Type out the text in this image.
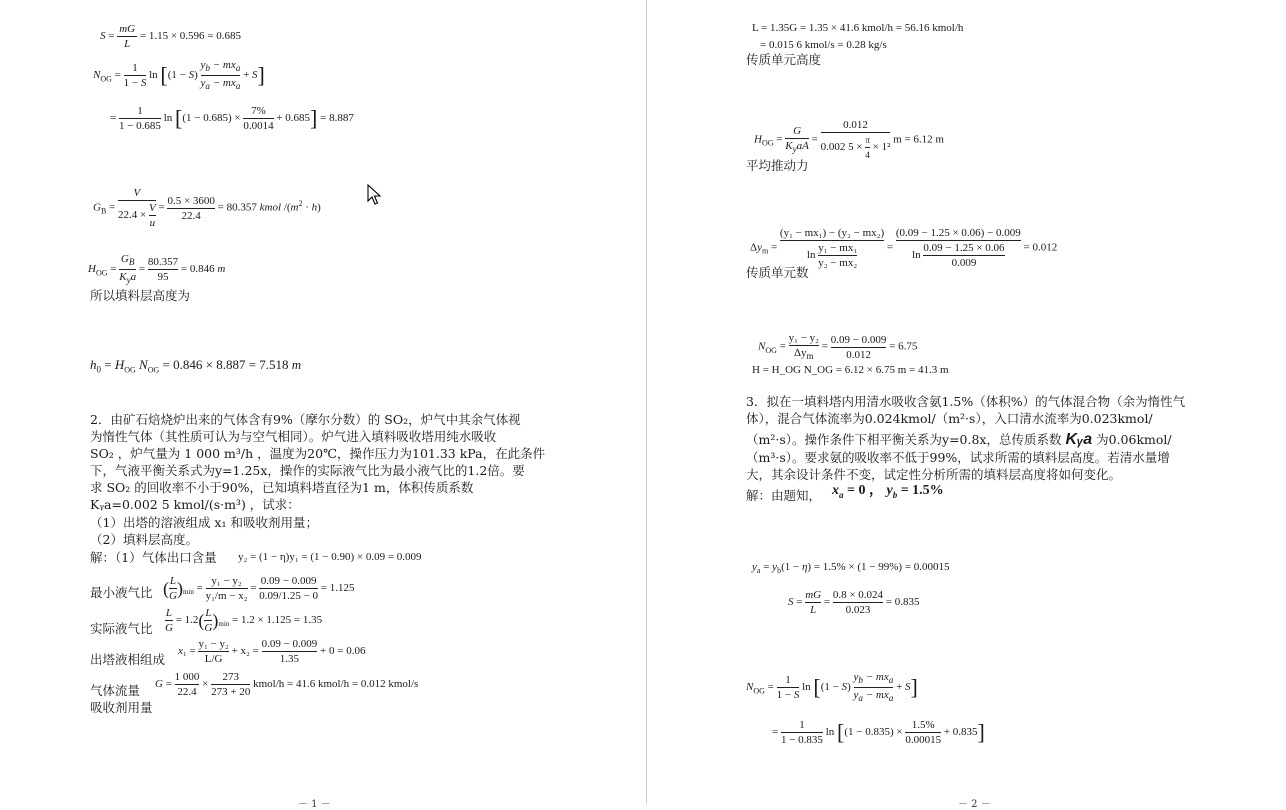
$S = \frac{mG}{L} = 1.15 \times 0.596 = 0.685$
$N_{OG} = \frac{1}{1 - S}$ ln [(1 − S)
$y_b - mx_a$
$y_a - mx_a$
+ S]
= $\frac{1}{1 - 0.685}$ $\ln [(1 - 0.685) \times \frac{7\%}{0.0014} + 0.685] = 8.887$
$G_B = \frac{V}{22.4 \times \frac{V}{u}} = \frac{0.5 \times 3600}{22.4} = 80.357$ kmol $/(m^2 \cdot h)$
$H_{OG}$ =
$G_B$
$K_ya$
= $\frac{80.357}{95} = 0.846$ m
所以填料层高度为
$h_0 = H_{OG}$ $N_{OG} = 0.846 \times 8.887 = 7.518$ m
2．由矿石焙烧炉出来的气体含有9%（摩尔分数）的 SO₂，炉气中其余气体视
为惰性气体（其性质可认为与空气相同）。炉气进入填料吸收塔用纯水吸收
SO₂ ，炉气量为 1 000 m³/h ，温度为20℃，操作压力为101.33 kPa，在此条件
下，气液平衡关系式为y=1.25x，操作的实际液气比为最小液气比的1.2倍。要
求 SO₂ 的回收率不小于90%，已知填料塔直径为1 m，体积传质系数
Kᵧa=0.002 5 kmol/(s·m³) ，试求：
（1）出塔的溶液组成 x₁ 和吸收剂用量；
（2）填料层高度。
解：（1）气体出口含量 y₂ = (1 − η)y₁ = (1 − 0.90) × 0.09 = 0.009
最小液气比 ( $\frac{L}{G} )_{min} = \frac{\text{y₁ − y₂}}{\text{y₁/m − x₂}} = \frac{0.09 - 0.009}{0.09/1.25 - 0} = 1.125$
实际液气比 $\frac{L}{G} = 1.2( \frac{L}{G} )_{min} = 1.2 \times 1.125 = 1.35$
出塔液相组成
$x_1 = \frac{\text{y₁ − y₂}}{L/G} + x_2 = \frac{0.09 - 0.009}{1.35} + 0 = 0.06$
气体流量 $G = \frac{1 000}{22.4} \times \frac{273}{273 + 20}$ kmol/h = 41.6 kmol/h = 0.012 kmol/s
吸收剂用量
－ 1 －
L = 1.35G = 1.35 × 41.6 kmol/h = 56.16 kmol/h
= 0.015 6 kmol/s = 0.28 kg/s
传质单元高度
$H_{OG}$ =
G
$K_yaA$
= $\frac{0.012}{0.002 5 \times \frac{\pi}{4} \times 1^2}$ m = 6.12 m
平均推动力
$\Delta y_m = \frac{\text{(y₁ − mx₁) − (y₂ − mx₂)}}{\ln \frac{\text{y₁ − mx₁}}{\text{y₂ − mx₂}}} = \frac{(0.09 - 1.25 \times 0.06) - 0.009}{\ln \frac{0.09 - 1.25 \times 0.06}{0.009}} = 0.012$
传质单元数
$N_{OG}$ =
y₁ − y₂
$\Delta y_m$
= $\frac{0.09 - 0.009}{0.012} = 6.75$
H = H_OG N_OG = 6.12 × 6.75 m = 41.3 m
3．拟在一填料塔内用清水吸收含氨1.5%（体积%）的气体混合物（余为惰性气
体），混合气体流率为0.024kmol/（m²·s），入口清水流率为0.023kmol/
（m²·s）。操作条件下相平衡关系为y=0.8x，总传质系数 Kᵧa 为0.06kmol/
（m³·s）。要求氨的吸收率不低于99%，试求所需的填料层高度。若清水量增
大，其余设计条件不变，试定性分析所需的填料层高度将如何变化。
解：由题知， $x_a = 0$ ， $y_b = 1.5\%$
$y_a = y_b(1 - \eta) = 1.5\% \times (1 - 99\%) = 0.00015$
$S = \frac{mG}{L} = \frac{0.8 \times 0.024}{0.023} = 0.835$
$N_{OG} = \frac{1}{1 - S}$ ln [(1 − S)
$y_b - mx_a$
$y_a - mx_a$
+ S]
= $\frac{1}{1 - 0.835}$ $\ln [(1 - 0.835) \times \frac{1.5\%}{0.00015} + 0.835]$
－ 2 －
